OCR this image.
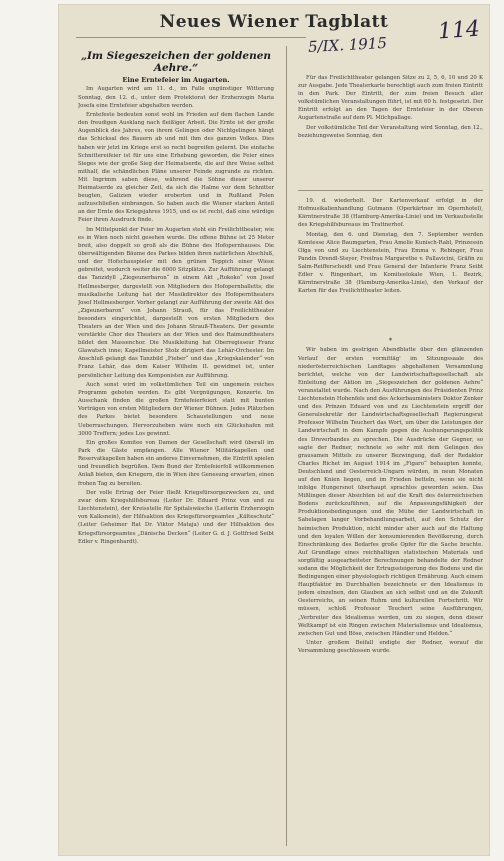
Neues Wiener Tagblatt
5/IX. 1915
114
„Im Siegeszeichen der goldenen Aehre.“

Eine Erntefeier im Augarten.

Im Augarten wird am 11. d., im Falle ungünstiger Witterung Sonntag, den 12. d., unter dem Protektorat der Erzherzogin Maria Josefa eine Erntefeier abgehalten werden.

Erntefeste bedeuten sonst wohl im Frieden auf dem flachen Lande den freudigen Ausklang nach fleißiger Arbeit. Die Ernte ist der große Augenblick des Jahres, von ihrem Gelingen oder Nichtgelingen hängt das Schicksal des Bauern ab und mit ihm des ganzen Volkes. Dies haben wir jetzt im Kriege erst so recht begreifen gelernt. Die einfache Schnittereifeier ist für uns eine Erhebung geworden, die Feier eines Sieges wie der große Sieg der Heimatserde, die auf ihre Weise selbst mithalf, die schändlichen Pläne unserer Feinde zugrunde zu richten. Mit Ingrimm sahen diese, während die Söhne dieser unserer Heimatserde zu gleicher Zeit, da sich die Halme vor dem Schnitter beugten, Galizien wieder eroberten und in Rußland Polen aufzuschließen einbrangen. So haben auch die Wiener starken Anteil an der Ernte des Kriegsjahres 1915, und es ist recht, daß eine würdige Feier ihren Ausdruck finde.

Im Mittelpunkt der Feier im Augarten steht ein Freilichttheater, wie es in Wien noch nicht gesehen wurde. Die offene Bühne ist 25 Meter breit, also doppelt so groß als die Bühne des Hofopernhauses. Die überwältigenden Bäume des Parkes bilden ihren natürlichen Abschluß, und der Hofschauspieler mit den grünen Teppich einer Wiese gebreitet, wodurch weiter die 6000 Sitzplätze. Zur Aufführung gelangt das Tanzidyll „Ziegeunerbaron“ in einem Akt „Rokoko“ von Josef Hellmesberger, dargestellt von Mitgliedern des Hofopernballetts; die musikalische Leitung hat der Musikdirektor des Hofoperntheaters Josef Hellmesberger. Vorher gelangt zur Aufführung der zweite Akt des „Zigeunerbaron“ von Johann Strauß, für das Freilichttheater besonders eingerichtet, dargestellt von ersten Mitgliedern des Theaters an der Wien und des Johann Strauß-Theaters. Der gesamte verstärkte Chor des Theaters an der Wien und des Raimundtheaters bildet den Massenchor. Die Musikleitung hat Oberregisseur Franz Glawatsch inne; Kapellmeister Stolz dirigiert das Lehár-Orchester. Im Anschluß gelangt das Tanzbild „Fieber“ und das „Kriegskalender“ von Franz Lehár, das dem Kaiser Wilhelm II. gewidmet ist, unter persönlicher Leitung des Komponisten zur Aufführung.

Auch sonst wird im volkstümlichen Teil ein ungemein reiches Programm geboten werden. Es gibt Vergnügungen, Konzerte. Im Ausschank finden die großen Erntefeierfeiert statt mit bunten Vorträgen von ersten Mitgliedern der Wiener Bühnen. Jedes Plätzchen des Parkes bietet besondere Schaustellungen und neue Ueberraschungen. Hervorzuheben wäre noch ein Glückshafen mit 3000 Treffern; jedes Los gewinnt.

Ein großes Komitee von Damen der Gesellschaft wird überall im Park die Gäste empfangen. Alle Wiener Militärkapellen und Reservatkapellen haben ein anderes Einvernehmen, die Eintritt spielen und freundlich begrüßen. Dem Bund der Erntefeierfoll willkommenen Anlaß bieten, den Kriegern, die in Wien ihre Genesung erwarten, einen frohen Tag zu bereiten.

Der volle Ertrag der Feier fließt Kriegsfürsorgezwecken zu, und zwar dem Kriegshilfsbureau (Leiter Dr. Eduard Prinz von und zu Liechtenstein), der Kreisstelle für Spitalswäsche (Leiterin Erzherzogin von Kalksnein), der Hilfsaktion des Kriegsfürsorgeamtes „Kälteschutz“ (Leiter Geheimer Rat Dr. Viktor Mataja) und der Hilfsaktion des Kriegsfürsorgeamtes „Dänische Decken“ (Leiter G. d. J. Gottfried Seibt Edler v. Ringenhardt).

Für das Freilichttheater gelangen Sitze zu 2, 5, 6, 10 und 20 K zur Ausgabe. Jede Theaterkarte berechtigt auch zum freien Eintritt in den Park. Der Eintritt, der zum freien Besuch aller volkstümlichen Veranstaltungen führt, ist mit 60 h. festgesetzt. Der Eintritt erfolgt an den Tagen der Erntefeier in der Oberen Augartenstraße auf dem Pl. Milchpallage.

Der volkstümliche Teil der Veranstaltung wird Sonntag, den 12., beziehungsweise Sonntag, den

19. d. wiederholt. Der Kartenverkauf erfolgt in der Hofmusikalienhandlung Gutmann (Operkärtner im Opernhotel), Kärntnerstraße 38 (Hamburg-Amerika-Linie) und im Verkaufsstelle des Kriegshilfsbureaus im Trattnerhof.

Montag, den 6. und Dienstag, den 7. September werden Komtesse Alice Baumgarten, Frau Amelie Kunisch-Rabl, Prinzessin Olga von und zu Liechtenstein, Frau Emma v. Rebinger, Frau Pandin Drendl-Steyer, Freifrau Margarethe v. Pallavicini, Gräfin zu Salm-Reifferscheidt und Frau General der Infanterie Franz Seibt Edler v. Ringenhart, im Komiteelokale Wien, 1. Bezirk, Kärntnerstraße 38 (Hamburg-Amerika-Linie), den Verkauf der Karten für das Freilichttheater leiten.

*

Wir haben im gestrigen Abendblatte über den glänzenden Verlauf der ersten vormittäg' im Sitzungssaale des niederösterreichischen Landtages abgehaltenen Versammlung berichtet, welche von der Landwirtschaftsgesellschaft als Einleitung der Aktion im „Siegeszeichen der goldenen Aehre“ veranstaltet wurde. Nach den Ausführungen des Präsidenten Prinz Liechtenstein Hohenfels und des Ackerbauministers Doktor Zenker und des Prinzen Eduard von und zu Liechtenstein ergriff der Generalsekretär der Landwirtschaftsgesellschaft Regierungsrat Professor Wilhelm Teuchert das Wort, um über die Leistungen der Landwirtschaft in dem Kampfe gegen die Aushungerungspolitik des Dreverbandes zu sprechen. Die Ausdrücke der Gegner, so sagte der Redner, rechnete so sehr mit dem Gelingen des grausamen Mittels zu unserer Bezwingung, daß der Redaktor Charles Richet im August 1914 im „Figaro“ behaupten konnte, Deutschland und Oesterreich-Ungarn würden, in neun Monaten auf den Knien liegen, und im Frieden betteln, wenn sie nicht infolge Hungersnot überhaupt sprachlos geworden seien. Das Mißlingen dieser Absichten ist auf die Kraft des österreichischen Bodens zurückzuführen, auf die Anpassungsfähigkeit der Produktionsbedingungen und die Mühe der Landwirtschaft in Sahelagen langer Vorbehandlungsarbeit, auf den Schutz der heimischen Produktion, nicht minder aber auch auf die Haltung und den loyalen Willen der konsumierenden Bevölkerung, durch Einschränkung des Bedarfes große Opfer für die Sache brachte. Auf Grundlage eines reichhaltigen statistischen Materials und sorgfältig ausgearbeiteter Berechnungen behandelte der Redner sodann die Möglichkeit der Ertragssteigerung des Bodens und die Bedingungen einer physiologisch richtigen Ernährung. Auch einem Hauptfaktor im Durchhalten bezeichnete er den Idealismus in jedem einzelnen, den Glauben an sich selbst und an die Zukunft Oesterreichs, an seinen Ruhm und kulturellen Fortschritt. Wir müssen, schloß Professor Teuchert seine Ausführungen, „Verbreiter des Idealismus werden, um zu siegen, denn dieser Weltkampf ist ein Ringen zwischen Materialismus und Idealismus, zwischen Gut und Böse, zwischen Händler und Helden.“

Unter großem Beifall endigte der Redner, worauf die Versammlung geschlossen wurde.
